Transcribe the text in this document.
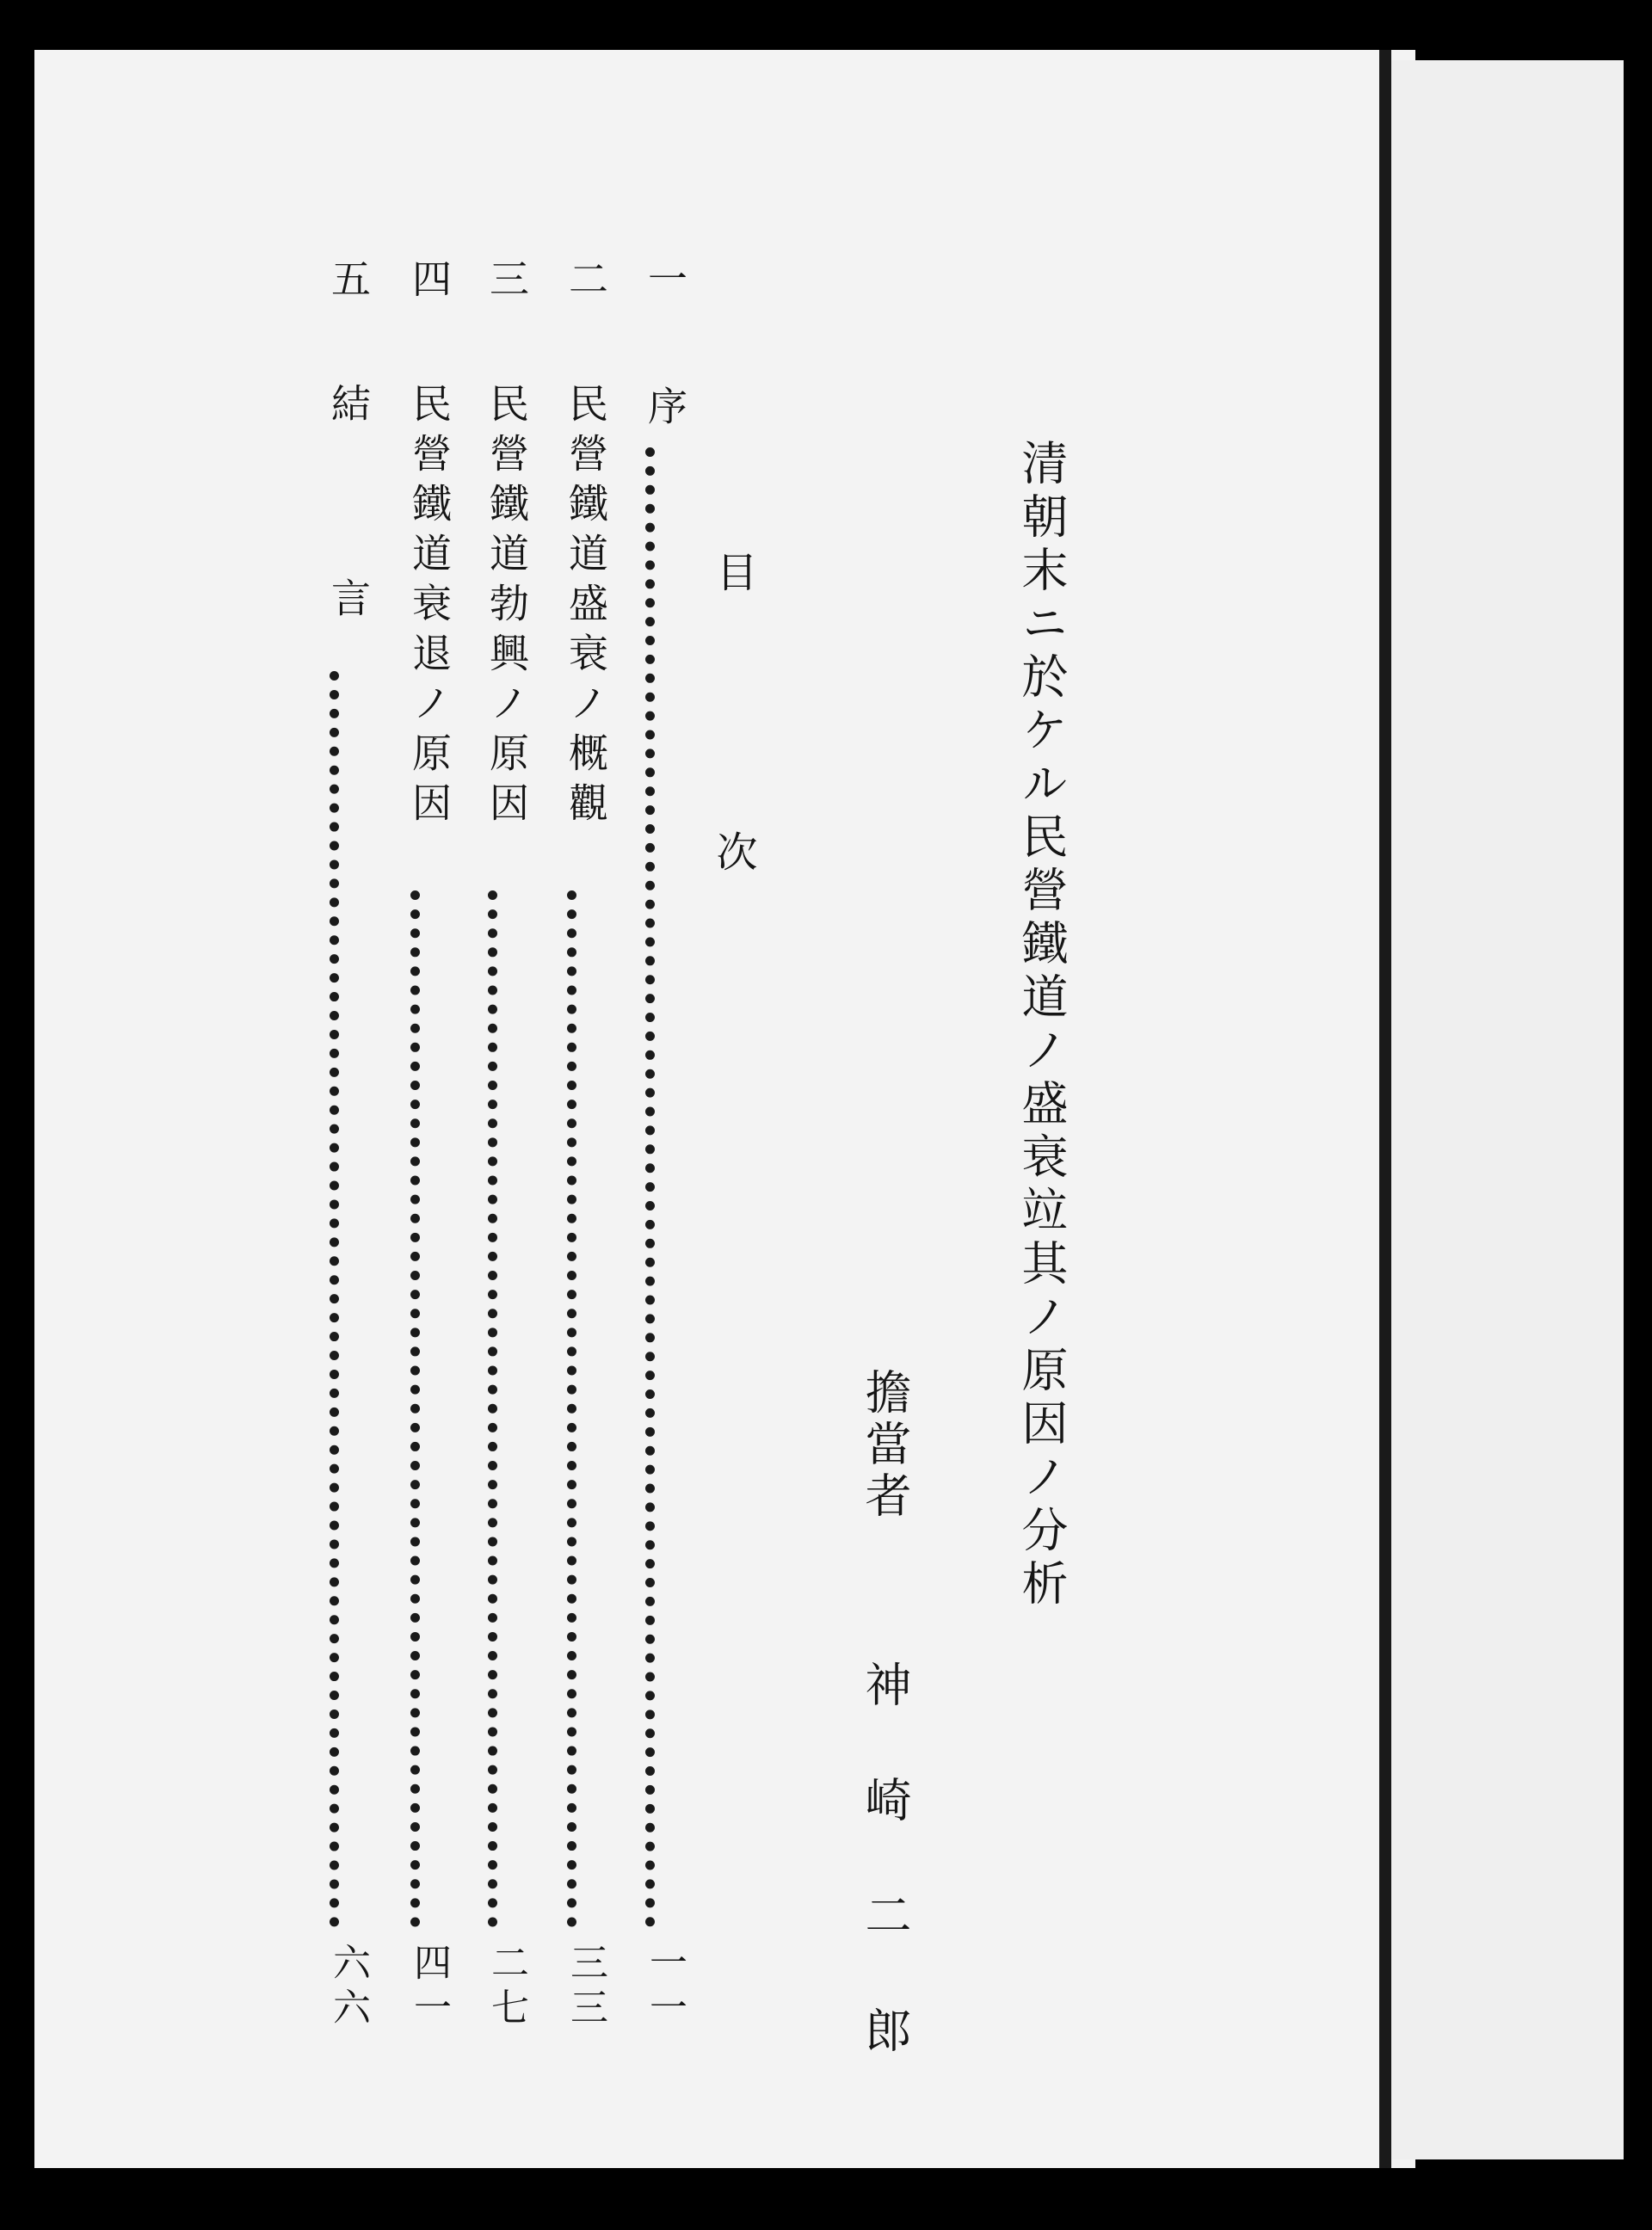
清朝末ニ於ケル民營鐵道ノ盛衰竝其ノ原因ノ分析
擔當者
神崎二郎
目
次
一
序
一一
二
民營鐵道盛衰ノ概觀
三三
三
民營鐵道勃興ノ原因
二七
四
民營鐵道衰退ノ原因
四一
五
結言
六六
